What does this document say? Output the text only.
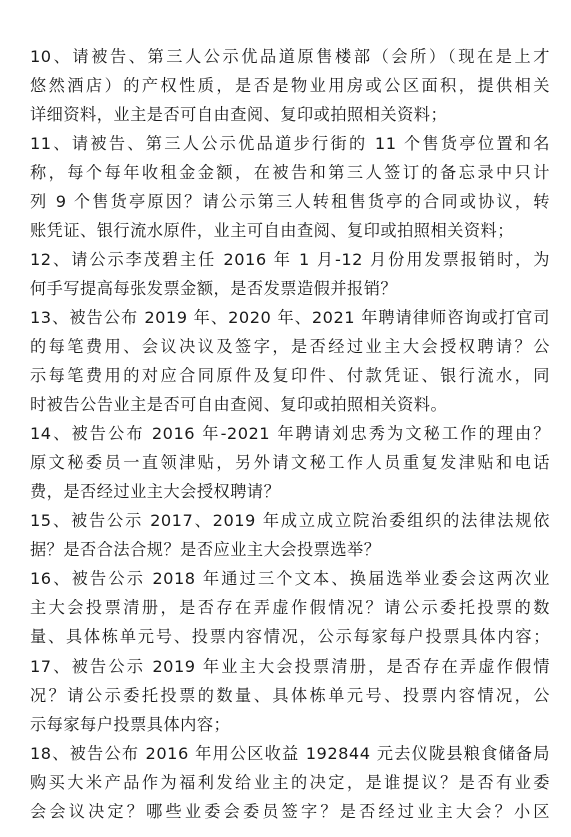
10、请被告、第三人公示优品道原售楼部（会所）（现在是上才
悠然酒店）的产权性质，是否是物业用房或公区面积，提供相关
详细资料，业主是否可自由查阅、复印或拍照相关资料；
11、请被告、第三人公示优品道步行街的 11 个售货亭位置和名
称，每个每年收租金金额，在被告和第三人签订的备忘录中只计
列 9 个售货亭原因？请公示第三人转租售货亭的合同或协议，转
账凭证、银行流水原件，业主可自由查阅、复印或拍照相关资料；
12、请公示李茂碧主任 2016 年 1 月-12 月份用发票报销时，为
何手写提高每张发票金额，是否发票造假并报销？
13、被告公布 2019 年、2020 年、2021 年聘请律师咨询或打官司
的每笔费用、会议决议及签字，是否经过业主大会授权聘请？公
示每笔费用的对应合同原件及复印件、付款凭证、银行流水，同
时被告公告业主是否可自由查阅、复印或拍照相关资料。
14、被告公布 2016 年-2021 年聘请刘忠秀为文秘工作的理由？
原文秘委员一直领津贴，另外请文秘工作人员重复发津贴和电话
费，是否经过业主大会授权聘请？
15、被告公示 2017、2019 年成立成立院治委组织的法律法规依
据？是否合法合规？是否应业主大会投票选举？
16、被告公示 2018 年通过三个文本、换届选举业委会这两次业
主大会投票清册，是否存在弄虚作假情况？请公示委托投票的数
量、具体栋单元号、投票内容情况，公示每家每户投票具体内容；
17、被告公示 2019 年业主大会投票清册，是否存在弄虚作假情
况？请公示委托投票的数量、具体栋单元号、投票内容情况，公
示每家每户投票具体内容；
18、被告公布 2016 年用公区收益 192844 元去仪陇县粮食储备局
购买大米产品作为福利发给业主的决定，是谁提议？是否有业委
会会议决定？哪些业委会委员签字？是否经过业主大会？小区
